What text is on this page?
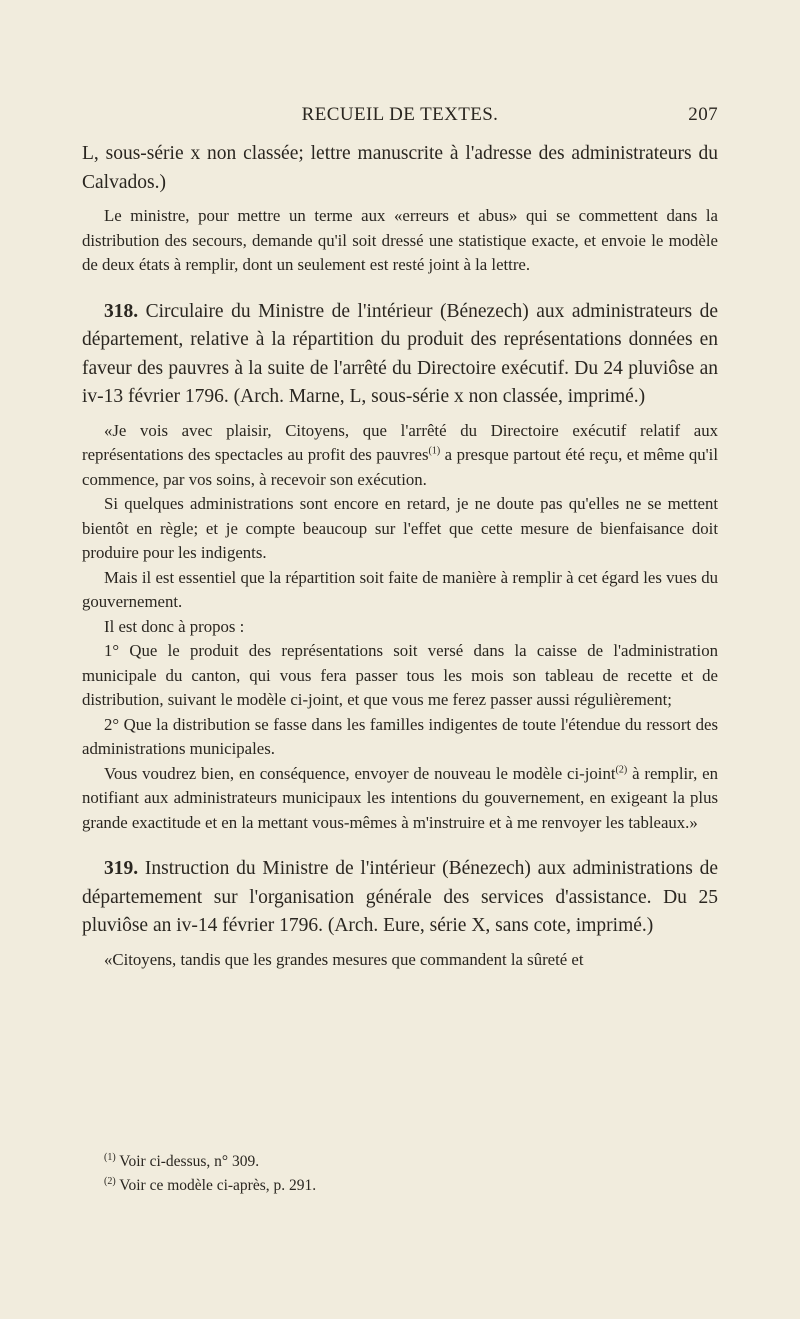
RECUEIL DE TEXTES.	207

L, sous-série x non classée; lettre manuscrite à l'adresse des administrateurs du Calvados.)

Le ministre, pour mettre un terme aux «erreurs et abus» qui se commettent dans la distribution des secours, demande qu'il soit dressé une statistique exacte, et envoie le modèle de deux états à remplir, dont un seulement est resté joint à la lettre.

318. Circulaire du Ministre de l'intérieur (Bénezech) aux administrateurs de département, relative à la répartition du produit des représentations données en faveur des pauvres à la suite de l'arrêté du Directoire exécutif. Du 24 pluviôse an iv-13 février 1796. (Arch. Marne, L, sous-série x non classée, imprimé.)

«Je vois avec plaisir, Citoyens, que l'arrêté du Directoire exécutif relatif aux représentations des spectacles au profit des pauvres$^{(1)}$ a presque partout été reçu, et même qu'il commence, par vos soins, à recevoir son exécution.

Si quelques administrations sont encore en retard, je ne doute pas qu'elles ne se mettent bientôt en règle; et je compte beaucoup sur l'effet que cette mesure de bienfaisance doit produire pour les indigents.

Mais il est essentiel que la répartition soit faite de manière à remplir à cet égard les vues du gouvernement.

Il est donc à propos :

1° Que le produit des représentations soit versé dans la caisse de l'administration municipale du canton, qui vous fera passer tous les mois son tableau de recette et de distribution, suivant le modèle ci-joint, et que vous me ferez passer aussi régulièrement;

2° Que la distribution se fasse dans les familles indigentes de toute l'étendue du ressort des administrations municipales.

Vous voudrez bien, en conséquence, envoyer de nouveau le modèle ci-joint$^{(2)}$ à remplir, en notifiant aux administrateurs municipaux les intentions du gouvernement, en exigeant la plus grande exactitude et en la mettant vous-mêmes à m'instruire et à me renvoyer les tableaux.»

319. Instruction du Ministre de l'intérieur (Bénezech) aux administrations de départemement sur l'organisation générale des services d'assistance. Du 25 pluviôse an iv-14 février 1796. (Arch. Eure, série X, sans cote, imprimé.)

«Citoyens, tandis que les grandes mesures que commandent la sûreté et

$^{(1)}$ Voir ci-dessus, n° 309.
$^{(2)}$ Voir ce modèle ci-après, p. 291.
